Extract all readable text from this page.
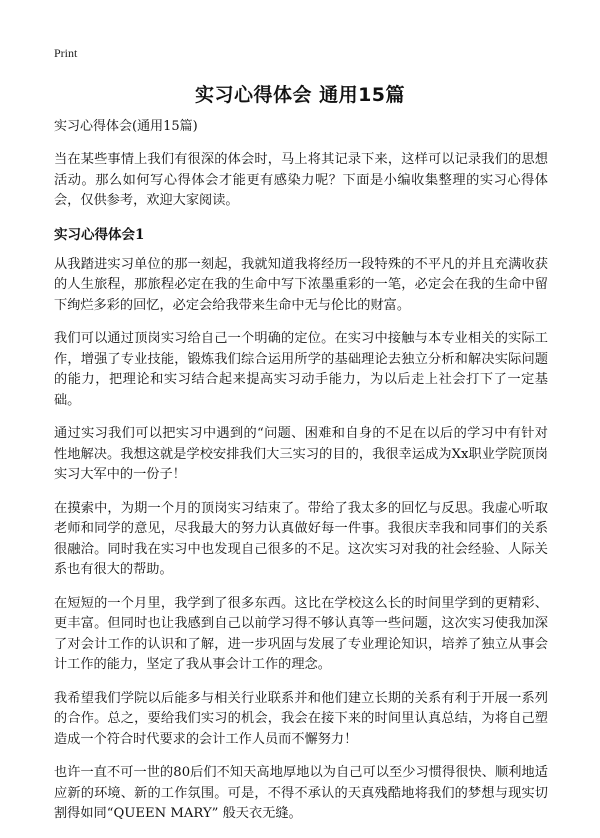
Print
实习心得体会 通用15篇

实习心得体会(通用15篇)

当在某些事情上我们有很深的体会时，马上将其记录下来，这样可以记录我们的思想活动。那么如何写心得体会才能更有感染力呢？下面是小编收集整理的实习心得体会，仅供参考，欢迎大家阅读。

实习心得体会1

从我踏进实习单位的那一刻起，我就知道我将经历一段特殊的不平凡的并且充满收获的人生旅程，那旅程必定在我的生命中写下浓墨重彩的一笔，必定会在我的生命中留下绚烂多彩的回忆，必定会给我带来生命中无与伦比的财富。

我们可以通过顶岗实习给自己一个明确的定位。在实习中接触与本专业相关的实际工作，增强了专业技能，锻炼我们综合运用所学的基础理论去独立分析和解决实际问题的能力，把理论和实习结合起来提高实习动手能力，为以后走上社会打下了一定基础。

通过实习我们可以把实习中遇到的“问题、困难和自身的不足在以后的学习中有针对性地解决。我想这就是学校安排我们大三实习的目的，我很幸运成为Xx职业学院顶岗实习大军中的一份子！

在摸索中，为期一个月的顶岗实习结束了。带给了我太多的回忆与反思。我虚心听取老师和同学的意见，尽我最大的努力认真做好每一件事。我很庆幸我和同事们的关系很融洽。同时我在实习中也发现自己很多的不足。这次实习对我的社会经验、人际关系也有很大的帮助。

在短短的一个月里，我学到了很多东西。这比在学校这么长的时间里学到的更精彩、更丰富。但同时也让我感到自己以前学习得不够认真等一些问题，这次实习使我加深了对会计工作的认识和了解，进一步巩固与发展了专业理论知识，培养了独立从事会计工作的能力，坚定了我从事会计工作的理念。

我希望我们学院以后能多与相关行业联系并和他们建立长期的关系有利于开展一系列的合作。总之，要给我们实习的机会，我会在接下来的时间里认真总结，为将自己塑造成一个符合时代要求的会计工作人员而不懈努力！

也许一直不可一世的80后们不知天高地厚地以为自己可以至少习惯得很快、顺利地适应新的环境、新的工作氛围。可是，不得不承认的天真残酷地将我们的梦想与现实切割得如同“QUEEN MARY” 般天衣无缝。
